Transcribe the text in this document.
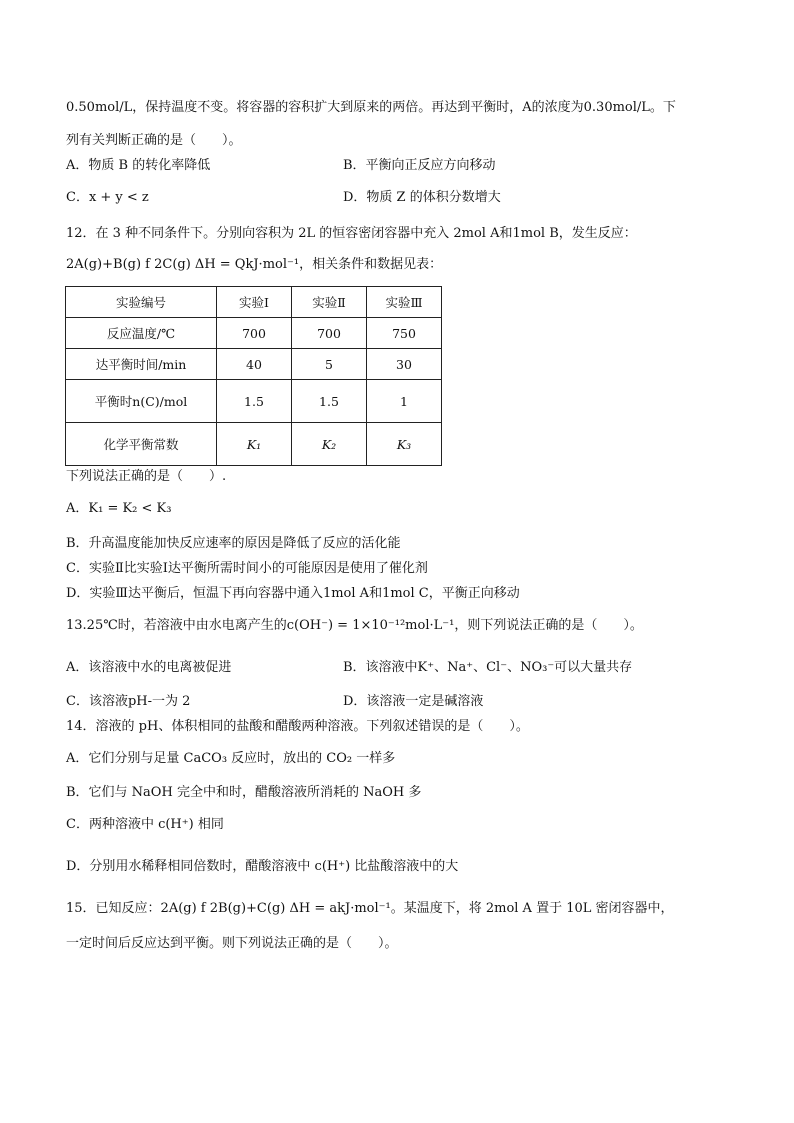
0.50mol/L，保持温度不变。将容器的容积扩大到原来的两倍。再达到平衡时，A的浓度为0.30mol/L。下
列有关判断正确的是（　　）。
A．物质 B 的转化率降低	B．平衡向正反应方向移动
C．x + y < z	D．物质 Z 的体积分数增大
12．在 3 种不同条件下。分别向容积为 2L 的恒容密闭容器中充入 2mol A和1mol B，发生反应：
2A(g)+B(g) f 2C(g) ΔH = QkJ·mol⁻¹，相关条件和数据见表：
实验编号	实验Ⅰ	实验Ⅱ	实验Ⅲ
反应温度/℃	700	700	750
达平衡时间/min	40	5	30
平衡时n(C)/mol	1.5	1.5	1
化学平衡常数	K₁	K₂	K₃
下列说法正确的是（　　）.
A．K₁ = K₂ < K₃
B．升高温度能加快反应速率的原因是降低了反应的活化能
C．实验Ⅱ比实验Ⅰ达平衡所需时间小的可能原因是使用了催化剂
D．实验Ⅲ达平衡后，恒温下再向容器中通入1mol A和1mol C，平衡正向移动
13.25℃时，若溶液中由水电离产生的c(OH⁻) = 1×10⁻¹²mol·L⁻¹，则下列说法正确的是（　　）。
A．该溶液中水的电离被促进	B．该溶液中K⁺、Na⁺、Cl⁻、NO₃⁻可以大量共存
C．该溶液pH-一为 2	D．该溶液一定是碱溶液
14．溶液的 pH、体积相同的盐酸和醋酸两种溶液。下列叙述错误的是（　　）。
A．它们分别与足量 CaCO₃ 反应时，放出的 CO₂ 一样多
B．它们与 NaOH 完全中和时，醋酸溶液所消耗的 NaOH 多
C．两种溶液中 c(H⁺) 相同
D．分别用水稀释相同倍数时，醋酸溶液中 c(H⁺) 比盐酸溶液中的大
15．已知反应：2A(g) f 2B(g)+C(g) ΔH = akJ·mol⁻¹。某温度下，将 2mol A 置于 10L 密闭容器中，
一定时间后反应达到平衡。则下列说法正确的是（　　）。
